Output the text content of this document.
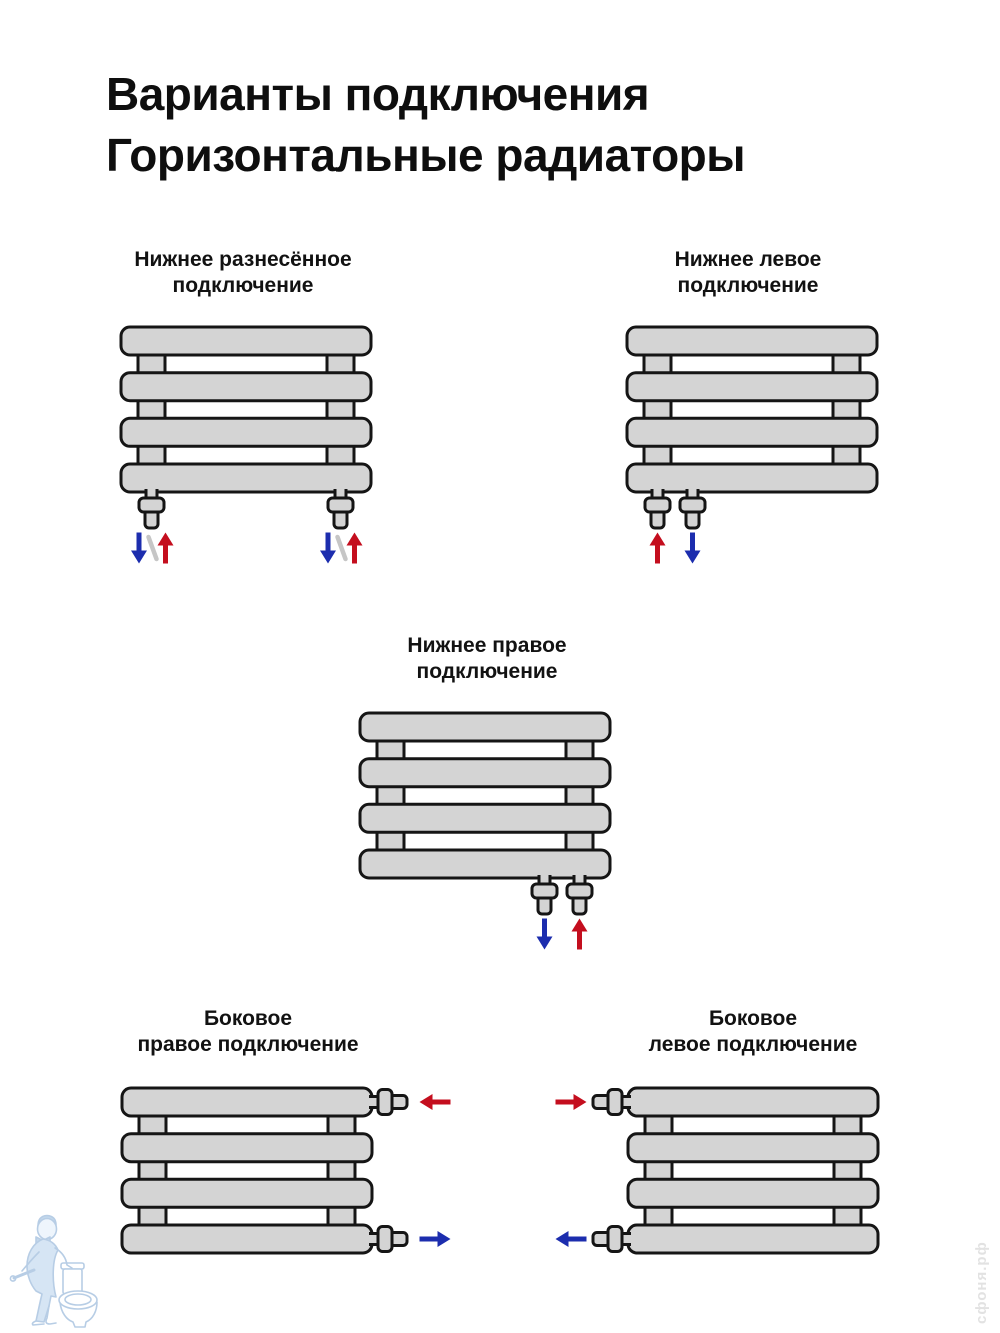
Варианты подключения
Горизонтальные радиаторы
Нижнее разнесённое
подключение
Нижнее левое
подключение
Нижнее правое
подключение
Боковое
правое подключение
Боковое
левое подключение
сфоня.рф
